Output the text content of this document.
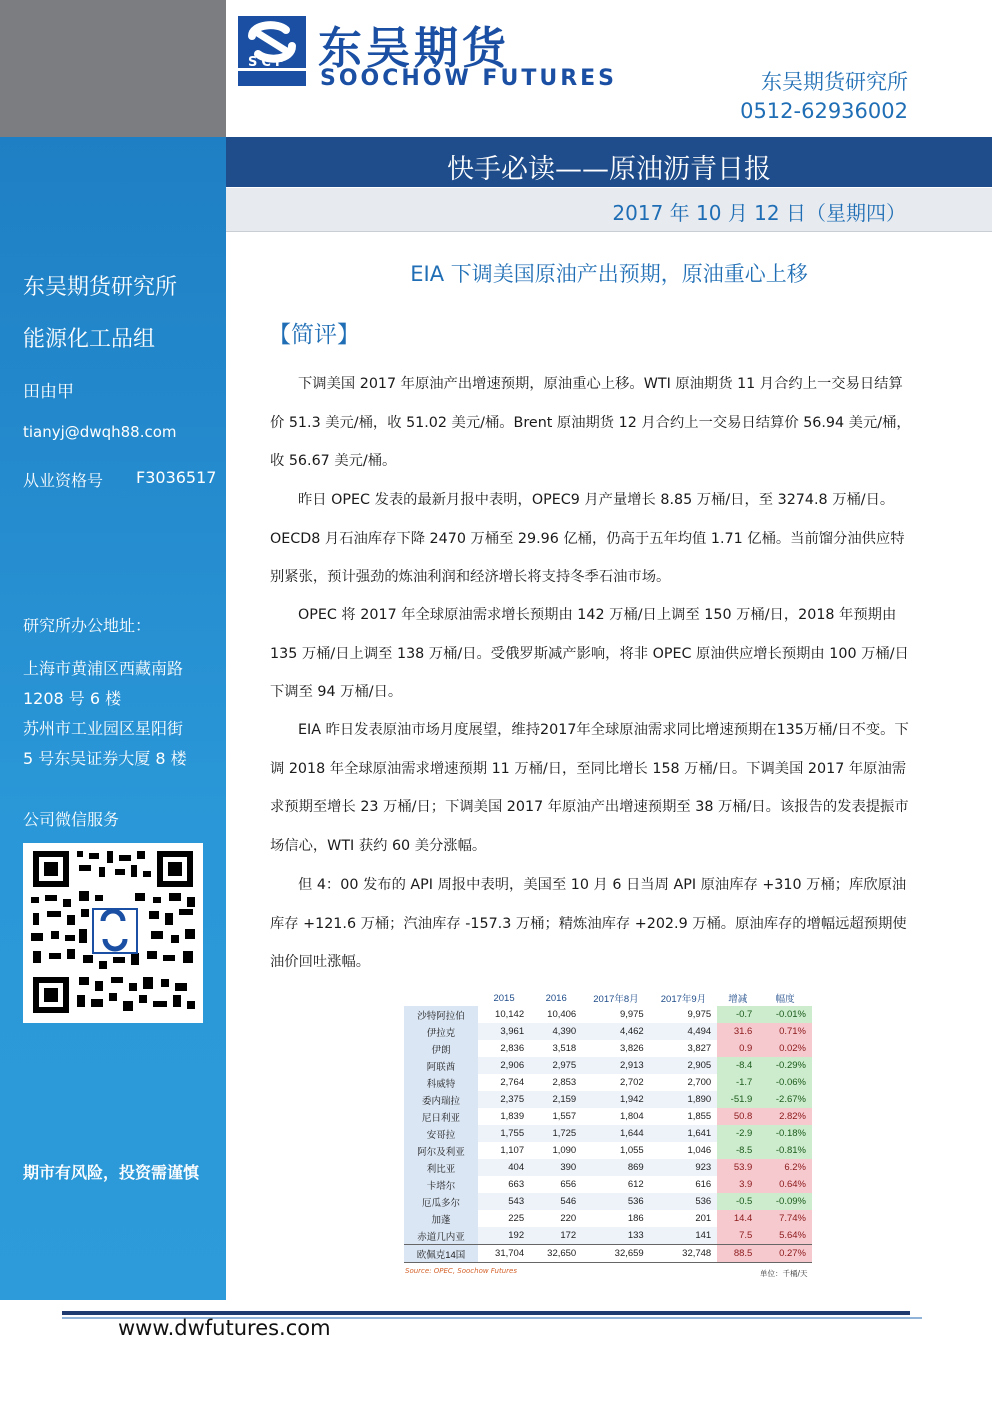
东吴期货研究所
能源化工品组
田由甲
tianyj@dwqh88.com
从业资格号 F3036517
研究所办公地址：
上海市黄浦区西藏南路
1208 号 6 楼
苏州市工业园区星阳街
5 号东吴证券大厦 8 楼
公司微信服务
期市有风险，投资需谨慎
SCF 东吴期货
SOOCHOW FUTURES	东吴期货研究所
0512-62936002
快手必读——原油沥青日报
2017 年 10 月 12 日（星期四）
EIA 下调美国原油产出预期，原油重心上移
【简评】
下调美国 2017 年原油产出增速预期，原油重心上移。WTI 原油期货 11 月合约上一交易日结算价 51.3 美元/桶，收 51.02 美元/桶。Brent 原油期货 12 月合约上一交易日结算价 56.94 美元/桶，收 56.67 美元/桶。
昨日 OPEC 发表的最新月报中表明，OPEC9 月产量增长 8.85 万桶/日，至 3274.8 万桶/日。OECD8 月石油库存下降 2470 万桶至 29.96 亿桶，仍高于五年均值 1.71 亿桶。当前馏分油供应特别紧张，预计强劲的炼油利润和经济增长将支持冬季石油市场。
OPEC 将 2017 年全球原油需求增长预期由 142 万桶/日上调至 150 万桶/日，2018 年预期由 135 万桶/日上调至 138 万桶/日。受俄罗斯减产影响，将非 OPEC 原油供应增长预期由 100 万桶/日下调至 94 万桶/日。
EIA 昨日发表原油市场月度展望，维持2017年全球原油需求同比增速预期在135万桶/日不变。下调 2018 年全球原油需求增速预期 11 万桶/日，至同比增长 158 万桶/日。下调美国 2017 年原油需求预期至增长 23 万桶/日；下调美国 2017 年原油产出增速预期至 38 万桶/日。该报告的发表提振市场信心，WTI 获约 60 美分涨幅。
但 4：00 发布的 API 周报中表明，美国至 10 月 6 日当周 API 原油库存 +310 万桶；库欣原油库存 +121.6 万桶；汽油库存 -157.3 万桶；精炼油库存 +202.9 万桶。原油库存的增幅远超预期使油价回吐涨幅。
	2015	2016	2017年8月	2017年9月	增减	幅度
沙特阿拉伯	10,142	10,406	9,975	9,975	-0.7	-0.01%
伊拉克	3,961	4,390	4,462	4,494	31.6	0.71%
伊朗	2,836	3,518	3,826	3,827	0.9	0.02%
阿联酋	2,906	2,975	2,913	2,905	-8.4	-0.29%
科威特	2,764	2,853	2,702	2,700	-1.7	-0.06%
委内瑞拉	2,375	2,159	1,942	1,890	-51.9	-2.67%
尼日利亚	1,839	1,557	1,804	1,855	50.8	2.82%
安哥拉	1,755	1,725	1,644	1,641	-2.9	-0.18%
阿尔及利亚	1,107	1,090	1,055	1,046	-8.5	-0.81%
利比亚	404	390	869	923	53.9	6.2%
卡塔尔	663	656	612	616	3.9	0.64%
厄瓜多尔	543	546	536	536	-0.5	-0.09%
加蓬	225	220	186	201	14.4	7.74%
赤道几内亚	192	172	133	141	7.5	5.64%
欧佩克14国	31,704	32,650	32,659	32,748	88.5	0.27%
Source: OPEC, Soochow Futures	单位：千桶/天
www.dwfutures.com
